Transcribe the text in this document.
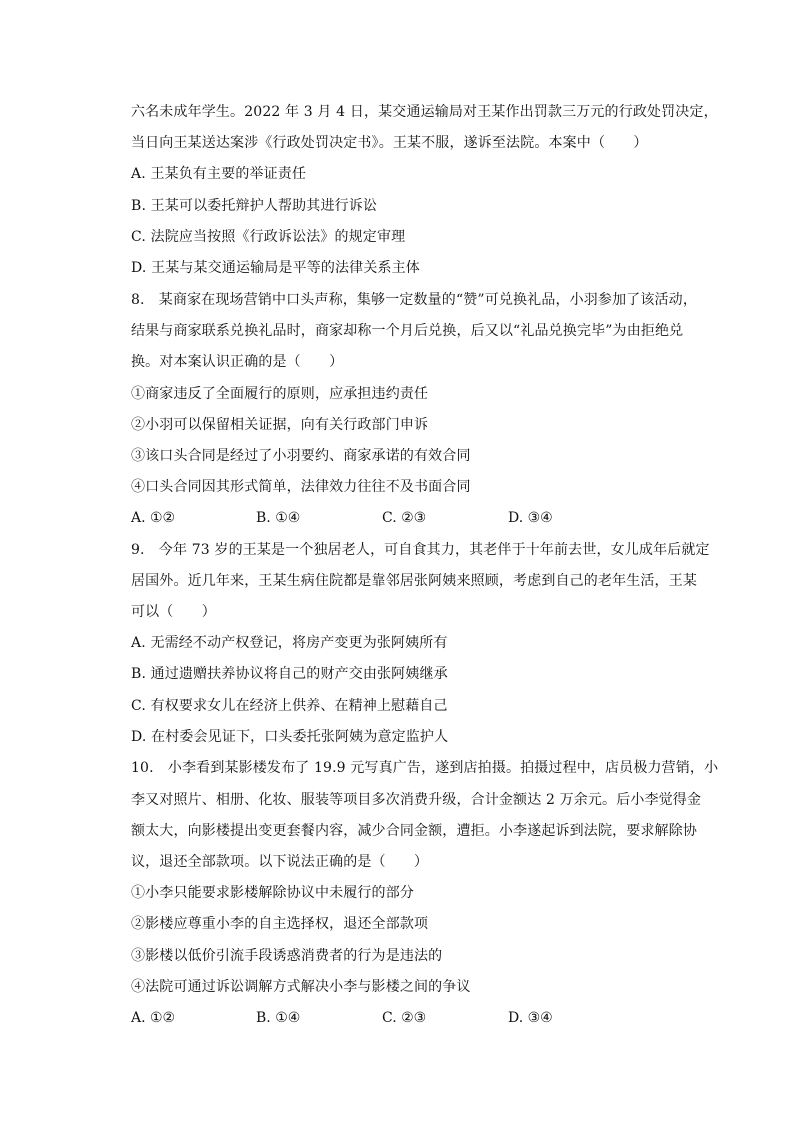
六名未成年学生。2022 年 3 月 4 日，某交通运输局对王某作出罚款三万元的行政处罚决定，
当日向王某送达案涉《行政处罚决定书》。王某不服，遂诉至法院。本案中（　　）
A. 王某负有主要的举证责任
B. 王某可以委托辩护人帮助其进行诉讼
C. 法院应当按照《行政诉讼法》的规定审理
D. 王某与某交通运输局是平等的法律关系主体
8.　某商家在现场营销中口头声称，集够一定数量的“赞”可兑换礼品，小羽参加了该活动，
结果与商家联系兑换礼品时，商家却称一个月后兑换，后又以“礼品兑换完毕”为由拒绝兑
换。对本案认识正确的是（　　）
①商家违反了全面履行的原则，应承担违约责任
②小羽可以保留相关证据，向有关行政部门申诉
③该口头合同是经过了小羽要约、商家承诺的有效合同
④口头合同因其形式简单，法律效力往往不及书面合同
A. ①②	B. ①④	C. ②③	D. ③④
9.　今年 73 岁的王某是一个独居老人，可自食其力，其老伴于十年前去世，女儿成年后就定
居国外。近几年来，王某生病住院都是靠邻居张阿姨来照顾，考虑到自己的老年生活，王某
可以（　　）
A. 无需经不动产权登记，将房产变更为张阿姨所有
B. 通过遗赠扶养协议将自己的财产交由张阿姨继承
C. 有权要求女儿在经济上供养、在精神上慰藉自己
D. 在村委会见证下，口头委托张阿姨为意定监护人
10.　小李看到某影楼发布了 19.9 元写真广告，遂到店拍摄。拍摄过程中，店员极力营销，小
李又对照片、相册、化妆、服装等项目多次消费升级，合计金额达 2 万余元。后小李觉得金
额太大，向影楼提出变更套餐内容，减少合同金额，遭拒。小李遂起诉到法院，要求解除协
议，退还全部款项。以下说法正确的是（　　）
①小李只能要求影楼解除协议中未履行的部分
②影楼应尊重小李的自主选择权，退还全部款项
③影楼以低价引流手段诱惑消费者的行为是违法的
④法院可通过诉讼调解方式解决小李与影楼之间的争议
A. ①②	B. ①④	C. ②③	D. ③④
